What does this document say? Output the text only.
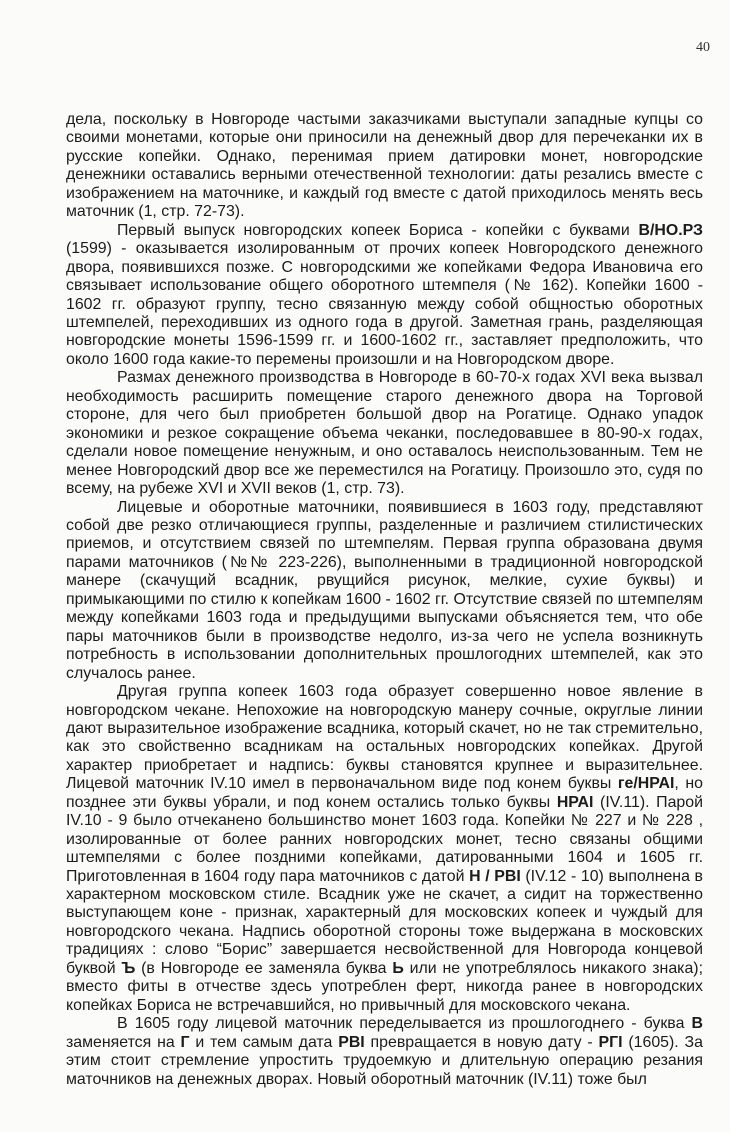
40

дела, поскольку в Новгороде частыми заказчиками выступали западные купцы со своими монетами, которые они приносили на денежный двор для перечеканки их в русские копейки. Однако, перенимая прием датировки монет, новгородские денежники оставались верными отечественной технологии: даты резались вместе с изображением на маточнике, и каждый год вместе с датой приходилось менять весь маточник (1, стр. 72-73).

Первый выпуск новгородских копеек Бориса - копейки с буквами В/НО.РЗ (1599) - оказывается изолированным от прочих копеек Новгородского денежного двора, появившихся позже. С новгородскими же копейками Федора Ивановича его связывает использование общего оборотного штемпеля (№ 162). Копейки 1600 - 1602 гг. образуют группу, тесно связанную между собой общностью оборотных штемпелей, переходивших из одного года в другой. Заметная грань, разделяющая новгородские монеты 1596-1599 гг. и 1600-1602 гг., заставляет предположить, что около 1600 года какие-то перемены произошли и на Новгородском дворе.

Размах денежного производства в Новгороде в 60-70-х годах XVI века вызвал необходимость расширить помещение старого денежного двора на Торговой стороне, для чего был приобретен большой двор на Рогатице. Однако упадок экономики и резкое сокращение объема чеканки, последовавшее в 80-90-х годах, сделали новое помещение ненужным, и оно оставалось неиспользованным. Тем не менее Новгородский двор все же переместился на Рогатицу. Произошло это, судя по всему, на рубеже XVI и XVII веков (1, стр. 73).

Лицевые и оборотные маточники, появившиеся в 1603 году, представляют собой две резко отличающиеся группы, разделенные и различием стилистических приемов, и отсутствием связей по штемпелям. Первая группа образована двумя парами маточников (№№ 223-226), выполненными в традиционной новгородской манере (скачущий всадник, рвущийся рисунок, мелкие, сухие буквы) и примыкающими по стилю к копейкам 1600 - 1602 гг. Отсутствие связей по штемпелям между копейками 1603 года и предыдущими выпусками объясняется тем, что обе пары маточников были в производстве недолго, из-за чего не успела возникнуть потребность в использовании дополнительных прошлогодних штемпелей, как это случалось ранее.

Другая группа копеек 1603 года образует совершенно новое явление в новгородском чекане. Непохожие на новгородскую манеру сочные, округлые линии дают выразительное изображение всадника, который скачет, но не так стремительно, как это свойственно всадникам на остальных новгородских копейках. Другой характер приобретает и надпись: буквы становятся крупнее и выразительнее. Лицевой маточник IV.10 имел в первоначальном виде под конем буквы ге/НРАІ, но позднее эти буквы убрали, и под конем остались только буквы НРАІ (IV.11). Парой IV.10 - 9 было отчеканено большинство монет 1603 года. Копейки № 227 и № 228 , изолированные от более ранних новгородских монет, тесно связаны общими штемпелями с более поздними копейками, датированными 1604 и 1605 гг. Приготовленная в 1604 году пара маточников с датой Н / РВІ (IV.12 - 10) выполнена в характерном московском стиле. Всадник уже не скачет, а сидит на торжественно выступающем коне - признак, характерный для московских копеек и чуждый для новгородского чекана. Надпись оборотной стороны тоже выдержана в московских традициях : слово “Борис” завершается несвойственной для Новгорода концевой буквой Ъ (в Новгороде ее заменяла буква Ь или не употреблялось никакого знака); вместо фиты в отчестве здесь употреблен ферт, никогда ранее в новгородских копейках Бориса не встречавшийся, но привычный для московского чекана.

В 1605 году лицевой маточник переделывается из прошлогоднего - буква В заменяется на Г и тем самым дата РВІ превращается в новую дату - РГІ (1605). За этим стоит стремление упростить трудоемкую и длительную операцию резания маточников на денежных дворах. Новый оборотный маточник (IV.11) тоже был
